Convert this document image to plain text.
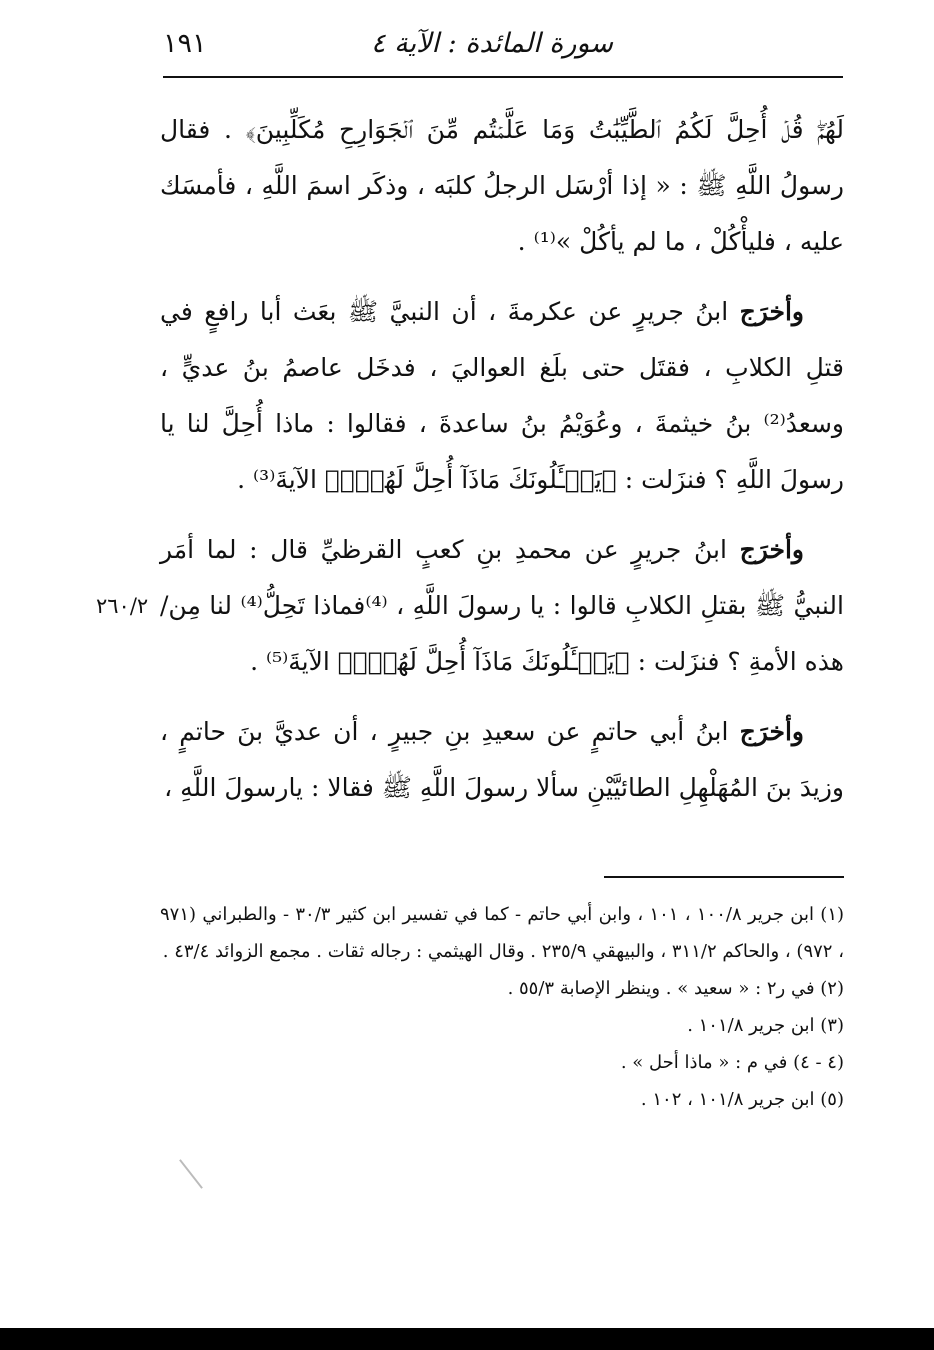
سورة المائدة : الآية ٤
١٩١

لَهُمۡۖ قُلۡ أُحِلَّ لَكُمُ ٱلطَّيِّبَٰتُ وَمَا عَلَّمۡتُم مِّنَ ٱلۡجَوَارِحِ مُكَلِّبِينَ﴾ . فقال رسولُ اللَّهِ ﷺ : « إذا أرْسَل الرجلُ كلبَه ، وذكَر اسمَ اللَّهِ ، فأمسَك عليه ، فليأْكُلْ ، ما لم يأكُلْ »⁽¹⁾ .

وأخرَج ابنُ جريرٍ عن عكرمةَ ، أن النبيَّ ﷺ بعَث أبا رافعٍ في قتلِ الكلابِ ، فقتَل حتى بلَغ العواليَ ، فدخَل عاصمُ بنُ عديٍّ ، وسعدُ⁽²⁾ بنُ خيثمةَ ، وعُوَيْمُ بنُ ساعدةَ ، فقالوا : ماذا أُحِلَّ لنا يا رسولَ اللَّهِ ؟ فنزَلت : ﴿يَسۡـَٔلُونَكَ مَاذَآ أُحِلَّ لَهُمۡۖ﴾ الآيةَ⁽³⁾ .

وأخرَج ابنُ جريرٍ عن محمدِ بنِ كعبٍ القرظيِّ قال : لما أمَر النبيُّ ﷺ بقتلِ الكلابِ قالوا : يا رسولَ اللَّهِ ، ⁽⁴⁾فماذا تَحِلُّ⁽⁴⁾ لنا مِن/ هذه الأمةِ ؟ فنزَلت : ﴿يَسۡـَٔلُونَكَ مَاذَآ أُحِلَّ لَهُمۡۖ﴾ الآيةَ⁽⁵⁾ .

وأخرَج ابنُ أبي حاتمٍ عن سعيدِ بنِ جبيرٍ ، أن عديَّ بنَ حاتمٍ ، وزيدَ بنَ المُهَلْهِلِ الطائيَّيْنِ سألا رسولَ اللَّهِ ﷺ فقالا : يارسولَ اللَّهِ ،

٢٦٠/٢

(١) ابن جرير ١٠٠/٨ ، ١٠١ ، وابن أبي حاتم - كما في تفسير ابن كثير ٣٠/٣ - والطبراني (٩٧١ ، ٩٧٢) ، والحاكم ٣١١/٢ ، والبيهقي ٢٣٥/٩ . وقال الهيثمي : رجاله ثقات . مجمع الزوائد ٤٣/٤ .

(٢) في ر٢ : « سعيد » . وينظر الإصابة ٥٥/٣ .

(٣) ابن جرير ١٠١/٨ .

(٤ - ٤) في م : « ماذا أحل » .

(٥) ابن جرير ١٠١/٨ ، ١٠٢ .
